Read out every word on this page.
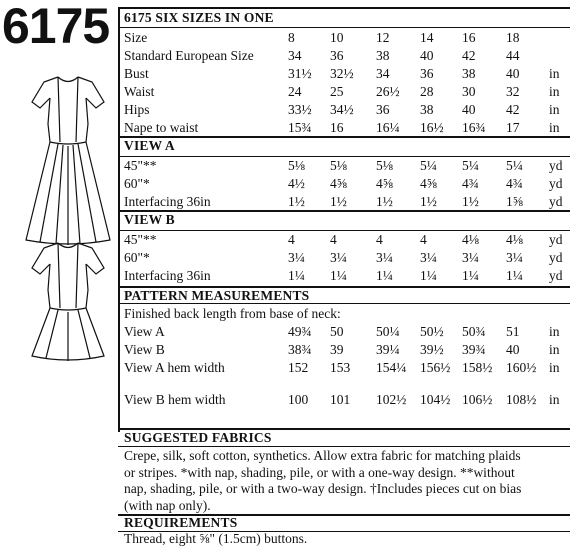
6175 6175 SIX SIZES IN ONE
Size	8	10 12 14 16 18
Standard European Size	34 36 38 40 42 44
Bust	31½ 32½ 34 36 38 40 in
Waist	24 25 26½ 28 30 32 in
Hips	33½ 34½ 36 38 40 42 in
Nape to waist	15¾ 16 16¼ 16½ 16¾ 17 in
VIEW A
45"**	5⅛ 5⅛ 5⅛ 5¼ 5¼ 5¼ yd
60"*	4½ 4⅝ 4⅝ 4⅝ 4¾ 4¾ yd
Interfacing 36in	1½ 1½ 1½ 1½ 1½ 1⅝ yd
VIEW B
45"**	4	4	4	4	4⅛ 4⅛ yd
60"*	3¼ 3¼ 3¼ 3¼ 3¼ 3¼ yd
Interfacing 36in	1¼ 1¼ 1¼ 1¼ 1¼ 1¼ yd
PATTERN MEASUREMENTS
Finished back length from base of neck:
View A	49¾ 50 50¼ 50½ 50¾ 51 in
View B	38¾ 39 39¼ 39½ 39¾ 40 in
View A hem width	152 153 154¼ 156½ 158½ 160½ in
View B hem width	100 101 102½ 104½ 106½ 108½ in
SUGGESTED FABRICS
Crepe, silk, soft cotton, synthetics. Allow extra fabric for matching plaids
or stripes. *with nap, shading, pile, or with a one-way design. **without
nap, shading, pile, or with a two-way design. †Includes pieces cut on bias
(with nap only).
REQUIREMENTS
Thread, eight ⅝" (1.5cm) buttons.
